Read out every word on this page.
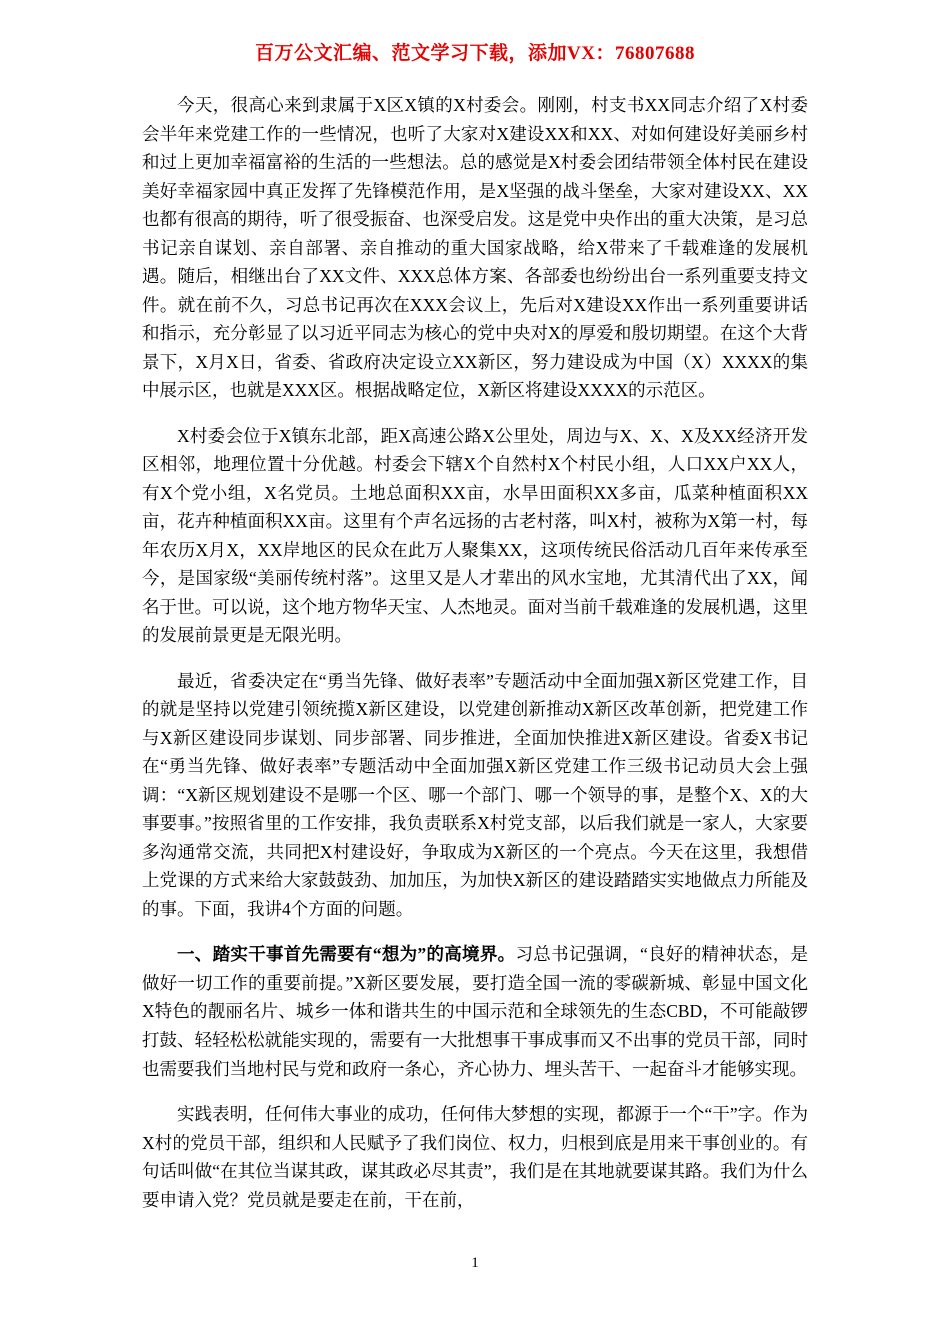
百万公文汇编、范文学习下载，添加VX：76807688

今天，很高心来到隶属于X区X镇的X村委会。刚刚，村支书XX同志介绍了X村委会半年来党建工作的一些情况，也听了大家对X建设XX和XX、对如何建设好美丽乡村和过上更加幸福富裕的生活的一些想法。总的感觉是X村委会团结带领全体村民在建设美好幸福家园中真正发挥了先锋模范作用，是X坚强的战斗堡垒，大家对建设XX、XX也都有很高的期待，听了很受振奋、也深受启发。这是党中央作出的重大决策，是习总书记亲自谋划、亲自部署、亲自推动的重大国家战略，给X带来了千载难逢的发展机遇。随后，相继出台了XX文件、XXX总体方案、各部委也纷纷出台一系列重要支持文件。就在前不久，习总书记再次在XXX会议上，先后对X建设XX作出一系列重要讲话和指示，充分彰显了以习近平同志为核心的党中央对X的厚爱和殷切期望。在这个大背景下，X月X日，省委、省政府决定设立XX新区，努力建设成为中国（X）XXXX的集中展示区，也就是XXX区。根据战略定位，X新区将建设XXXX的示范区。

X村委会位于X镇东北部，距X高速公路X公里处，周边与X、X、X及XX经济开发区相邻，地理位置十分优越。村委会下辖X个自然村X个村民小组，人口XX户XX人，有X个党小组，X名党员。土地总面积XX亩，水旱田面积XX多亩，瓜菜种植面积XX亩，花卉种植面积XX亩。这里有个声名远扬的古老村落，叫X村，被称为X第一村，每年农历X月X，XX岸地区的民众在此万人聚集XX，这项传统民俗活动几百年来传承至今，是国家级“美丽传统村落”。这里又是人才辈出的风水宝地，尤其清代出了XX，闻名于世。可以说，这个地方物华天宝、人杰地灵。面对当前千载难逢的发展机遇，这里的发展前景更是无限光明。

最近，省委决定在“勇当先锋、做好表率”专题活动中全面加强X新区党建工作，目的就是坚持以党建引领统揽X新区建设，以党建创新推动X新区改革创新，把党建工作与X新区建设同步谋划、同步部署、同步推进，全面加快推进X新区建设。省委X书记在“勇当先锋、做好表率”专题活动中全面加强X新区党建工作三级书记动员大会上强调：“X新区规划建设不是哪一个区、哪一个部门、哪一个领导的事，是整个X、X的大事要事。”按照省里的工作安排，我负责联系X村党支部，以后我们就是一家人，大家要多沟通常交流，共同把X村建设好，争取成为X新区的一个亮点。今天在这里，我想借上党课的方式来给大家鼓鼓劲、加加压，为加快X新区的建设踏踏实实地做点力所能及的事。下面，我讲4个方面的问题。

一、踏实干事首先需要有“想为”的高境界。习总书记强调，“良好的精神状态，是做好一切工作的重要前提。”X新区要发展，要打造全国一流的零碳新城、彰显中国文化X特色的靓丽名片、城乡一体和谐共生的中国示范和全球领先的生态CBD，不可能敲锣打鼓、轻轻松松就能实现的，需要有一大批想事干事成事而又不出事的党员干部，同时也需要我们当地村民与党和政府一条心，齐心协力、埋头苦干、一起奋斗才能够实现。

实践表明，任何伟大事业的成功，任何伟大梦想的实现，都源于一个“干”字。作为X村的党员干部，组织和人民赋予了我们岗位、权力，归根到底是用来干事创业的。有句话叫做“在其位当谋其政，谋其政必尽其责”，我们是在其地就要谋其路。我们为什么要申请入党？党员就是要走在前，干在前，

1
